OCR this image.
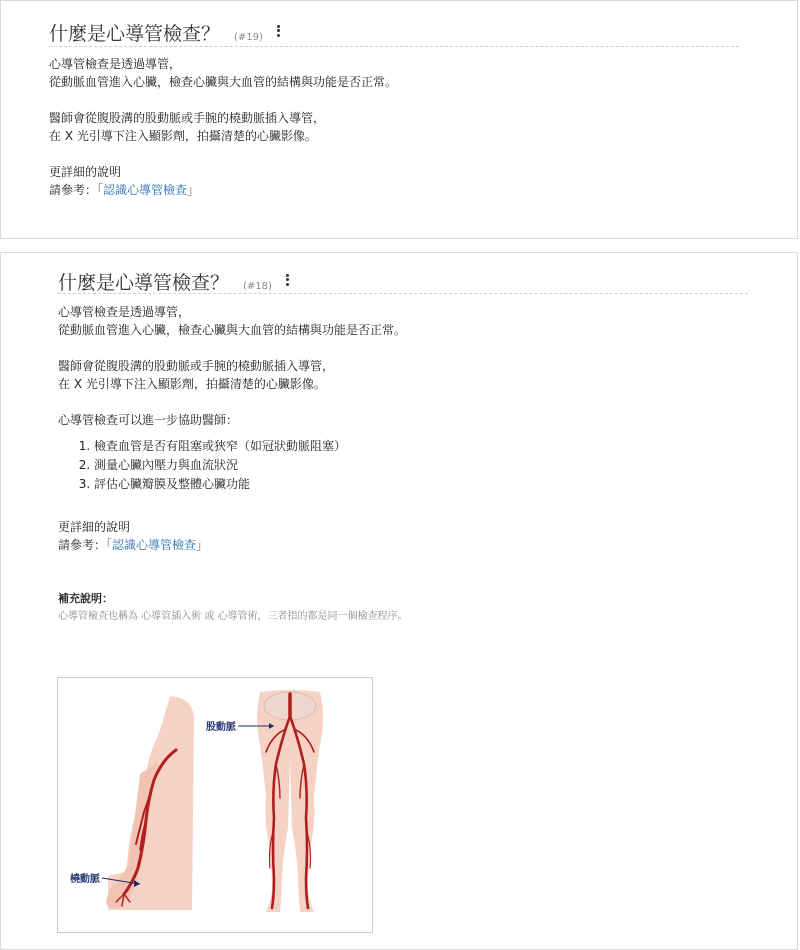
什麼是心導管檢查？ (#19)

心導管檢查是透過導管，

從動脈血管進入心臟，檢查心臟與大血管的結構與功能是否正常。

醫師會從腹股溝的股動脈或手腕的橈動脈插入導管，

在 X 光引導下注入顯影劑，拍攝清楚的心臟影像。

更詳細的說明

請參考：「認識心導管檢查」

什麼是心導管檢查？ (#18)

心導管檢查是透過導管，

從動脈血管進入心臟，檢查心臟與大血管的結構與功能是否正常。

醫師會從腹股溝的股動脈或手腕的橈動脈插入導管，

在 X 光引導下注入顯影劑，拍攝清楚的心臟影像。

心導管檢查可以進一步協助醫師：

1. 檢查血管是否有阻塞或狹窄（如冠狀動脈阻塞）
2. 測量心臟內壓力與血流狀況
3. 評估心臟瓣膜及整體心臟功能

更詳細的說明

請參考：「認識心導管檢查」

補充說明：

心導管檢查也稱為 心導管插入術 或 心導管術，三者指的都是同一個檢查程序。

股動脈
橈動脈
